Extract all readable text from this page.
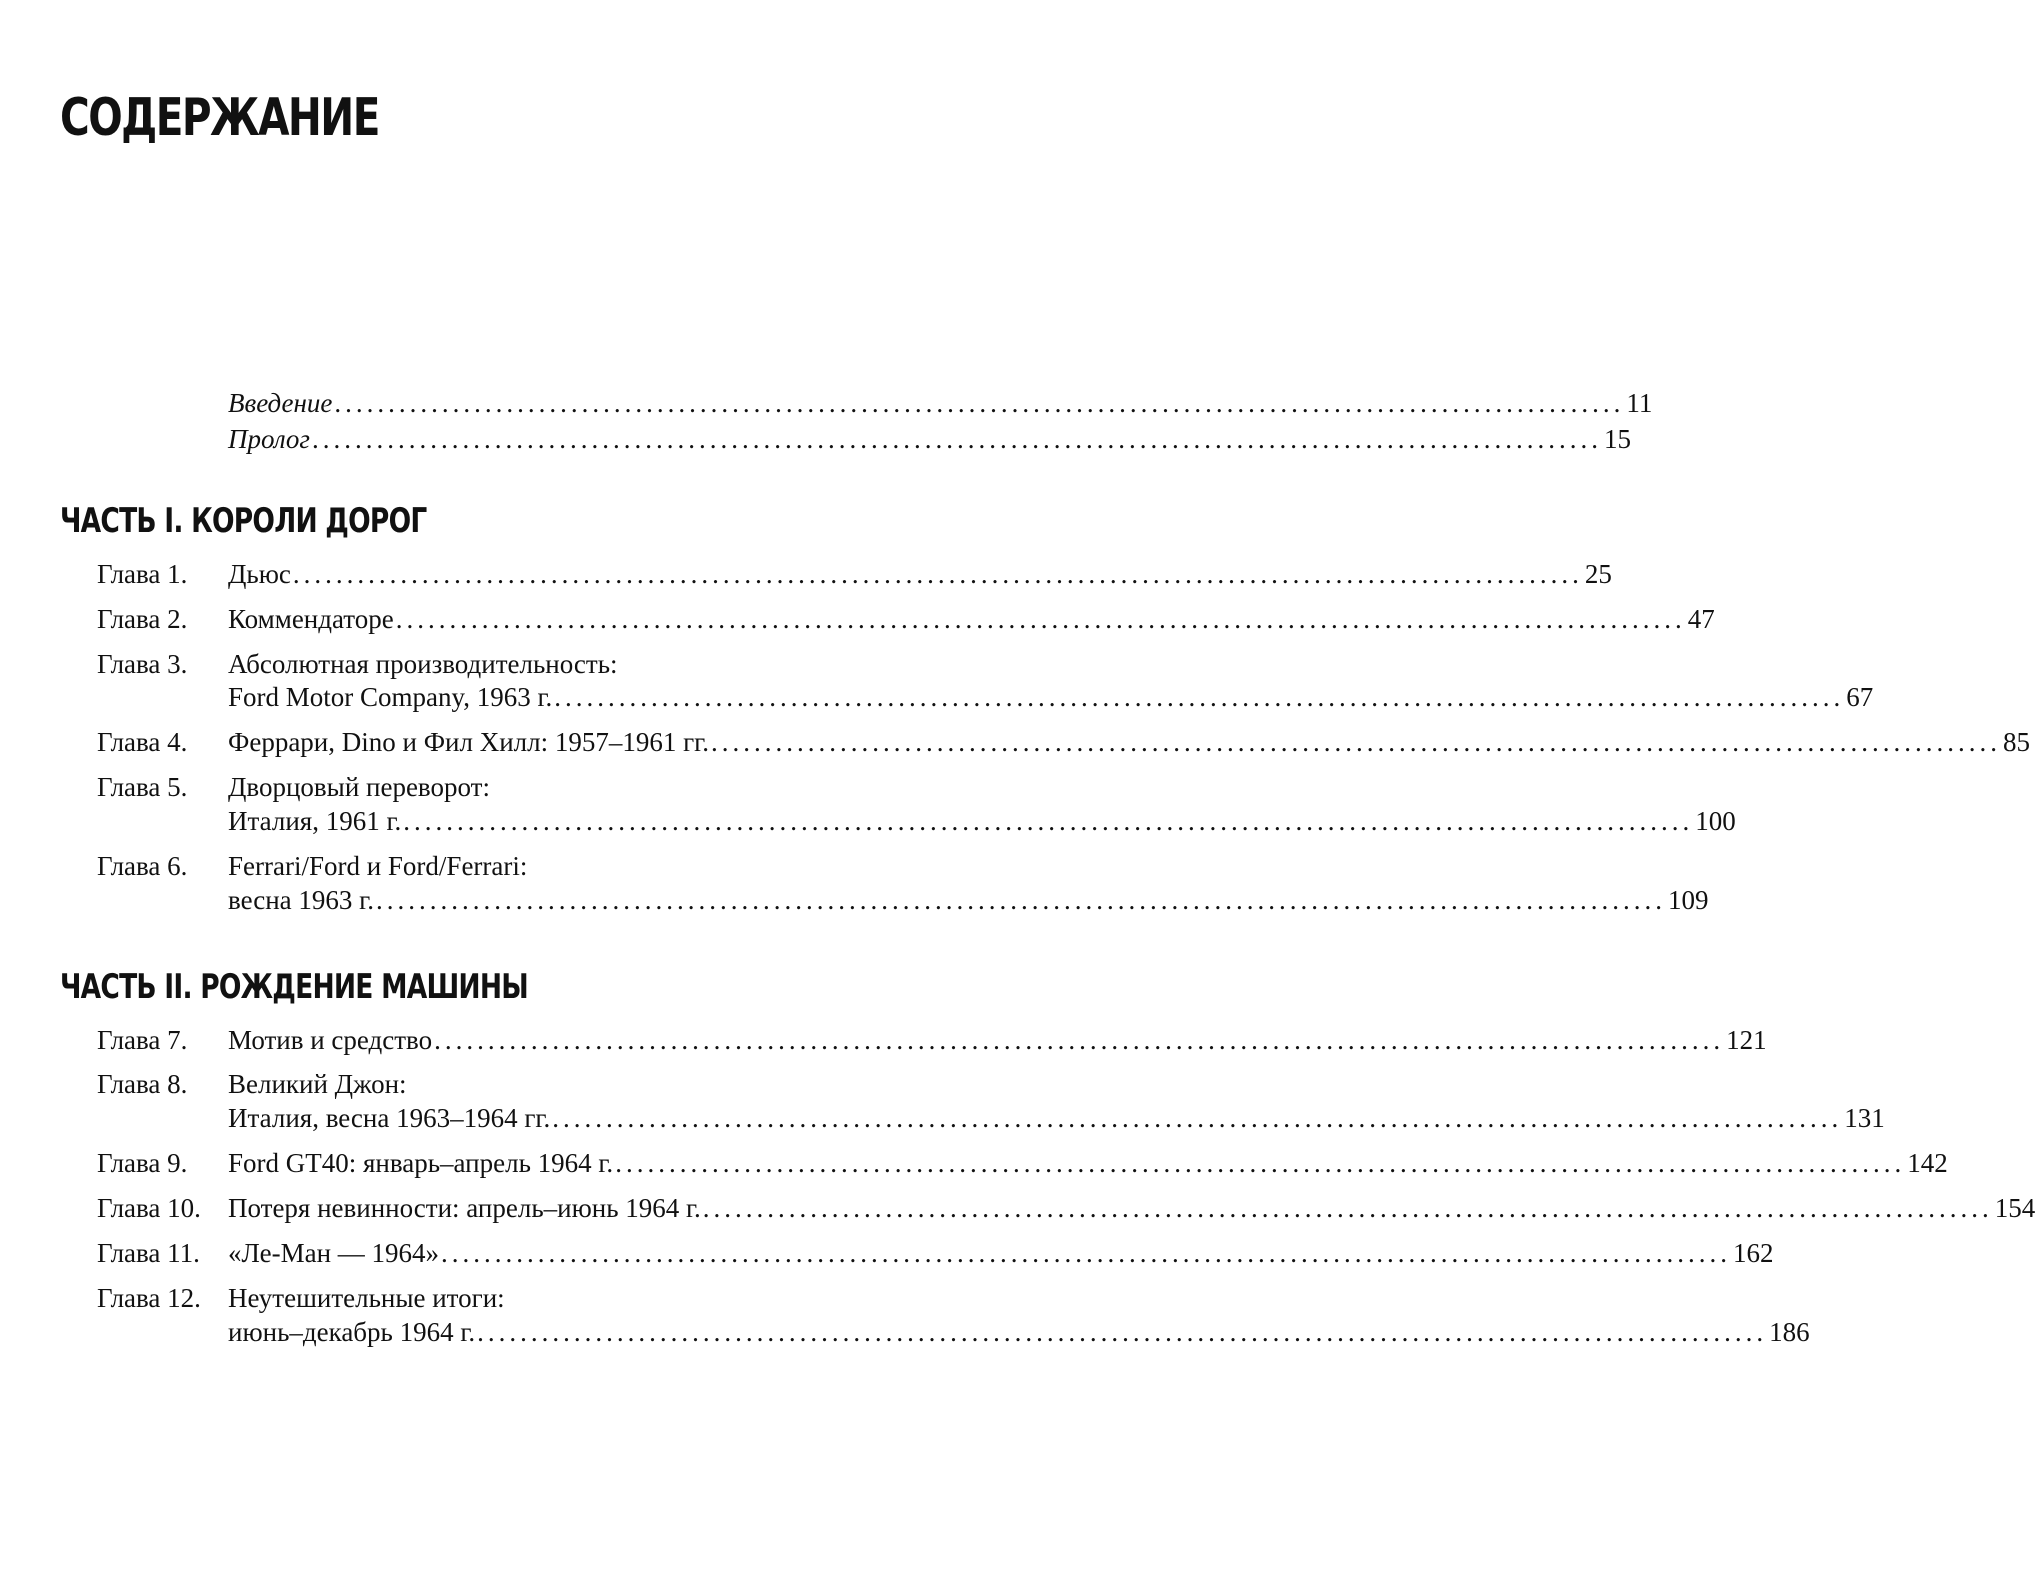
СОДЕРЖАНИЕ
Введение ........................................................................................................................ 11
Пролог ........................................................................................................................ 15
ЧАСТЬ I. КОРОЛИ ДОРОГ
Глава 1. Дьюс ........................................................................................................................ 25
Глава 2. Коммендаторе ........................................................................................................................ 47
Глава 3. Абсолютная производительность:
Ford Motor Company, 1963 г. ........................................................................................................................ 67
Глава 4. Феррари, Dino и Фил Хилл: 1957–1961 гг. ........................................................................................................................ 85
Глава 5. Дворцовый переворот:
Италия, 1961 г. ........................................................................................................................ 100
Глава 6. Ferrari/Ford и Ford/Ferrari:
весна 1963 г. ........................................................................................................................ 109
ЧАСТЬ II. РОЖДЕНИЕ МАШИНЫ
Глава 7. Мотив и средство ........................................................................................................................ 121
Глава 8. Великий Джон:
Италия, весна 1963–1964 гг. ........................................................................................................................ 131
Глава 9. Ford GT40: январь–апрель 1964 г. ........................................................................................................................ 142
Глава 10. Потеря невинности: апрель–июнь 1964 г. ........................................................................................................................ 154
Глава 11. «Ле-Ман — 1964» ........................................................................................................................ 162
Глава 12. Неутешительные итоги:
июнь–декабрь 1964 г. ........................................................................................................................ 186
